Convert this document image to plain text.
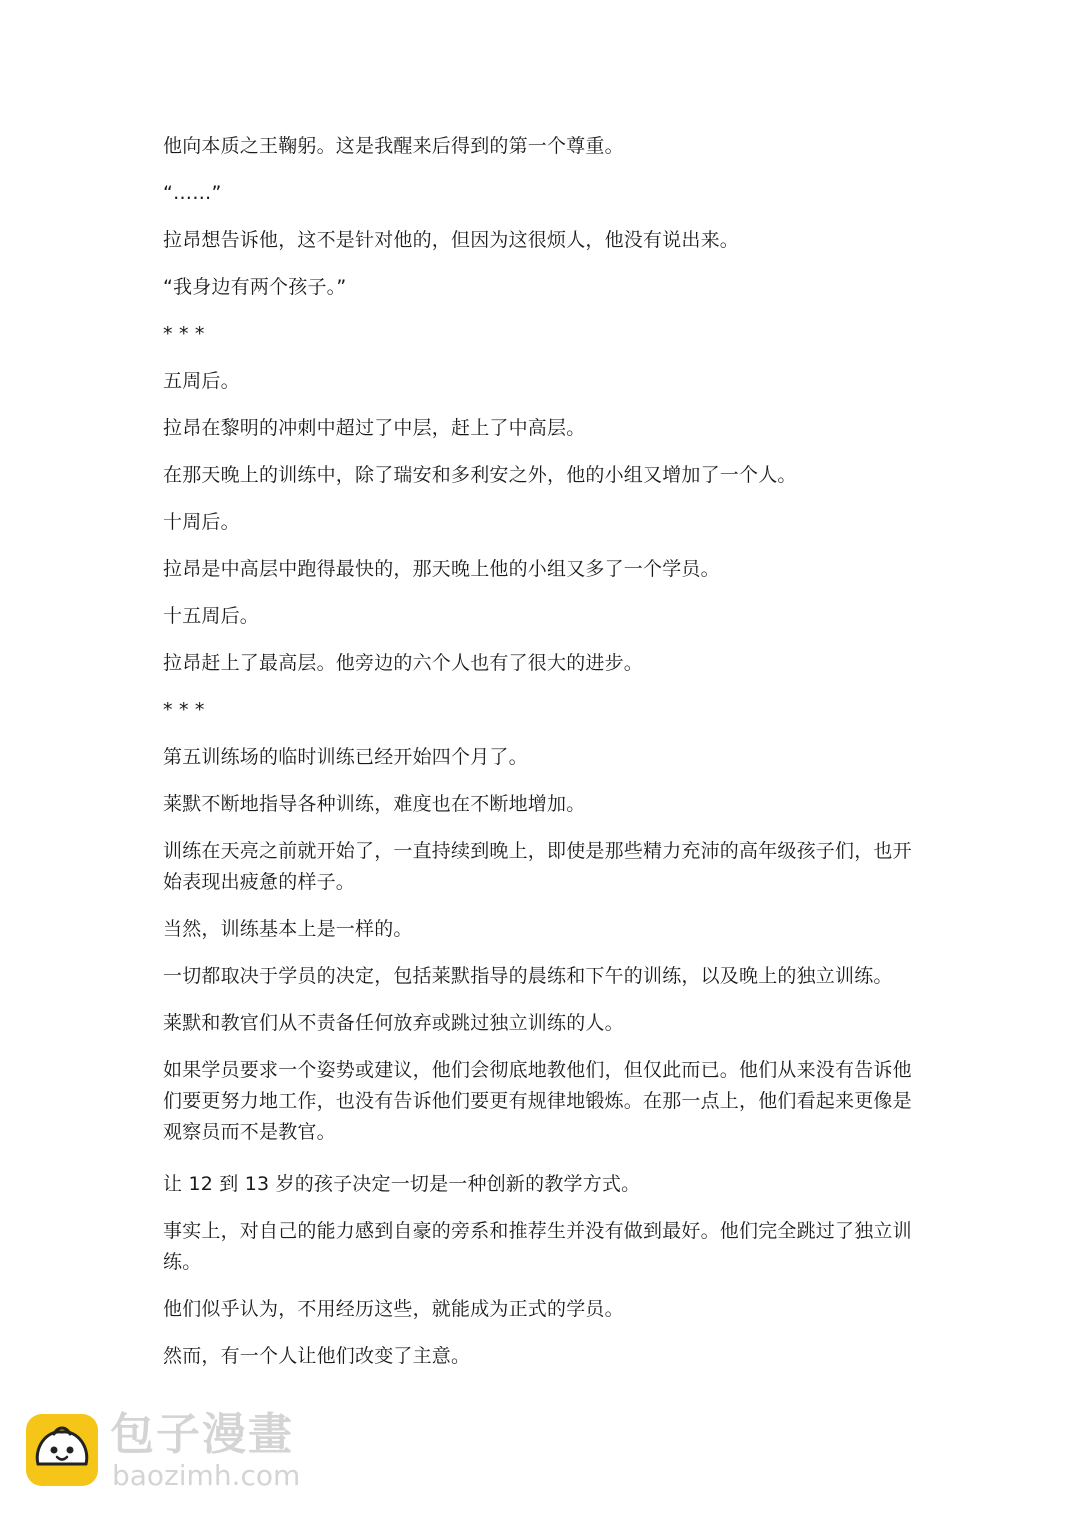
他向本质之王鞠躬。这是我醒来后得到的第一个尊重。

“……”

拉昂想告诉他，这不是针对他的，但因为这很烦人，他没有说出来。

“我身边有两个孩子。”

* * *

五周后。

拉昂在黎明的冲刺中超过了中层，赶上了中高层。

在那天晚上的训练中，除了瑞安和多利安之外，他的小组又增加了一个人。

十周后。

拉昂是中高层中跑得最快的，那天晚上他的小组又多了一个学员。

十五周后。

拉昂赶上了最高层。他旁边的六个人也有了很大的进步。

* * *

第五训练场的临时训练已经开始四个月了。

莱默不断地指导各种训练，难度也在不断地增加。

训练在天亮之前就开始了，一直持续到晚上，即使是那些精力充沛的高年级孩子们，也开始表现出疲惫的样子。

当然，训练基本上是一样的。

一切都取决于学员的决定，包括莱默指导的晨练和下午的训练，以及晚上的独立训练。

莱默和教官们从不责备任何放弃或跳过独立训练的人。

如果学员要求一个姿势或建议，他们会彻底地教他们，但仅此而已。他们从来没有告诉他们要更努力地工作，也没有告诉他们要更有规律地锻炼。在那一点上，他们看起来更像是观察员而不是教官。

让 12 到 13 岁的孩子决定一切是一种创新的教学方式。

事实上，对自己的能力感到自豪的旁系和推荐生并没有做到最好。他们完全跳过了独立训练。

他们似乎认为，不用经历这些，就能成为正式的学员。

然而，有一个人让他们改变了主意。

包子漫畫
baozimh.com
